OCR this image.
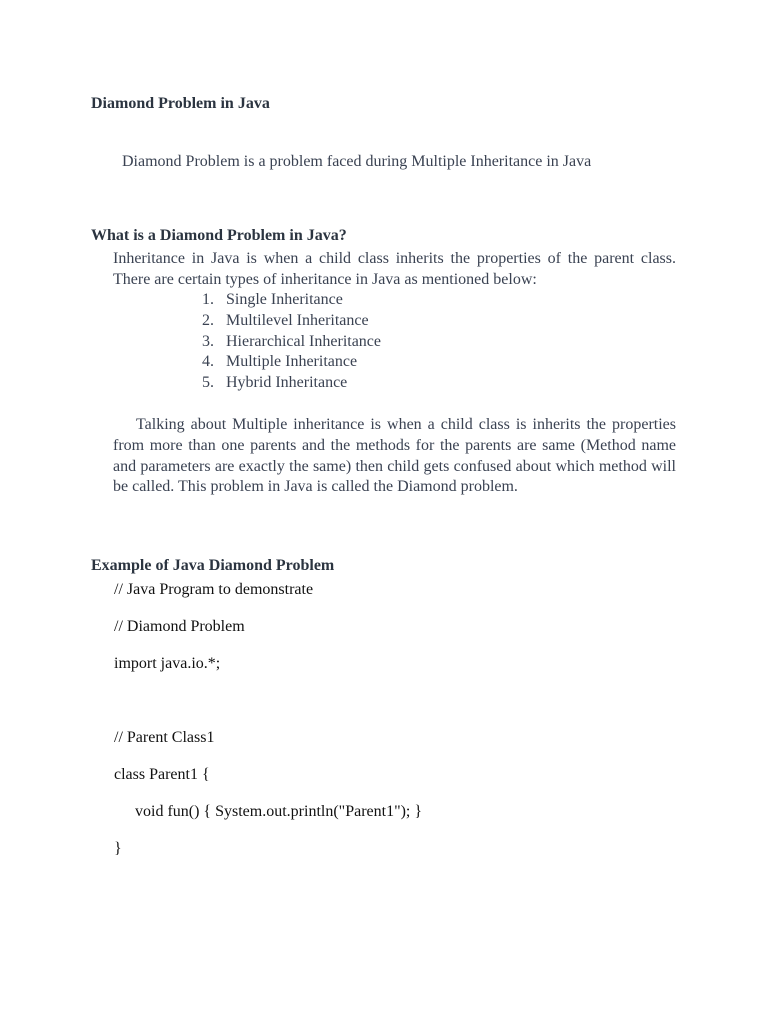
Diamond Problem in Java
Diamond Problem is a problem faced during Multiple Inheritance in Java
What is a Diamond Problem in Java?

Inheritance in Java is when a child class inherits the properties of the parent class. There are certain types of inheritance in Java as mentioned below:

1. Single Inheritance
2. Multilevel Inheritance
3. Hierarchical Inheritance
4. Multiple Inheritance
5. Hybrid Inheritance

Talking about Multiple inheritance is when a child class is inherits the properties from more than one parents and the methods for the parents are same (Method name and parameters are exactly the same) then child gets confused about which method will be called. This problem in Java is called the Diamond problem.

Example of Java Diamond Problem
// Java Program to demonstrate
// Diamond Problem
import java.io.*;
// Parent Class1
class Parent1 {
void fun() { System.out.println("Parent1"); }
}
